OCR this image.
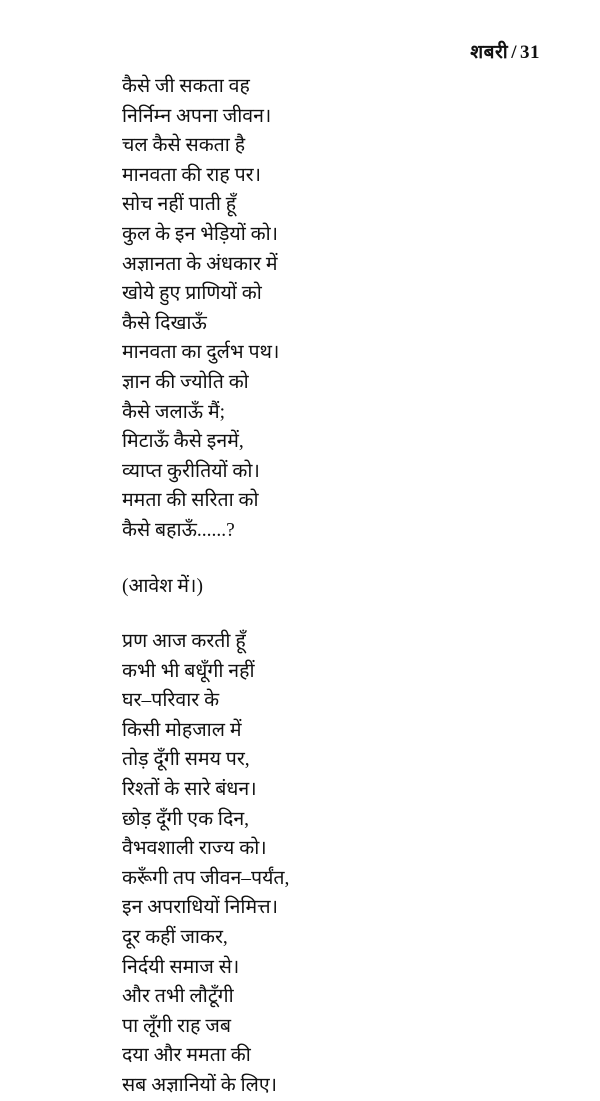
शबरी / 31
कैसे जी सकता वह
निर्निम्न अपना जीवन।
चल कैसे सकता है
मानवता की राह पर।
सोच नहीं पाती हूँ
कुल के इन भेड़ियों को।
अज्ञानता के अंधकार में
खोये हुए प्राणियों को
कैसे दिखाऊँ
मानवता का दुर्लभ पथ।
ज्ञान की ज्योति को
कैसे जलाऊँ मैं;
मिटाऊँ कैसे इनमें,
व्याप्त कुरीतियों को।
ममता की सरिता को
कैसे बहाऊँ......?
(आवेश में।)
प्रण आज करती हूँ
कभी भी बधूँगी नहीं
घर–परिवार के
किसी मोहजाल में
तोड़ दूँगी समय पर,
रिश्तों के सारे बंधन।
छोड़ दूँगी एक दिन,
वैभवशाली राज्य को।
करूँगी तप जीवन–पर्यंत,
इन अपराधियों निमित्त।
दूर कहीं जाकर,
निर्दयी समाज से।
और तभी लौटूँगी
पा लूँगी राह जब
दया और ममता की
सब अज्ञानियों के लिए।
